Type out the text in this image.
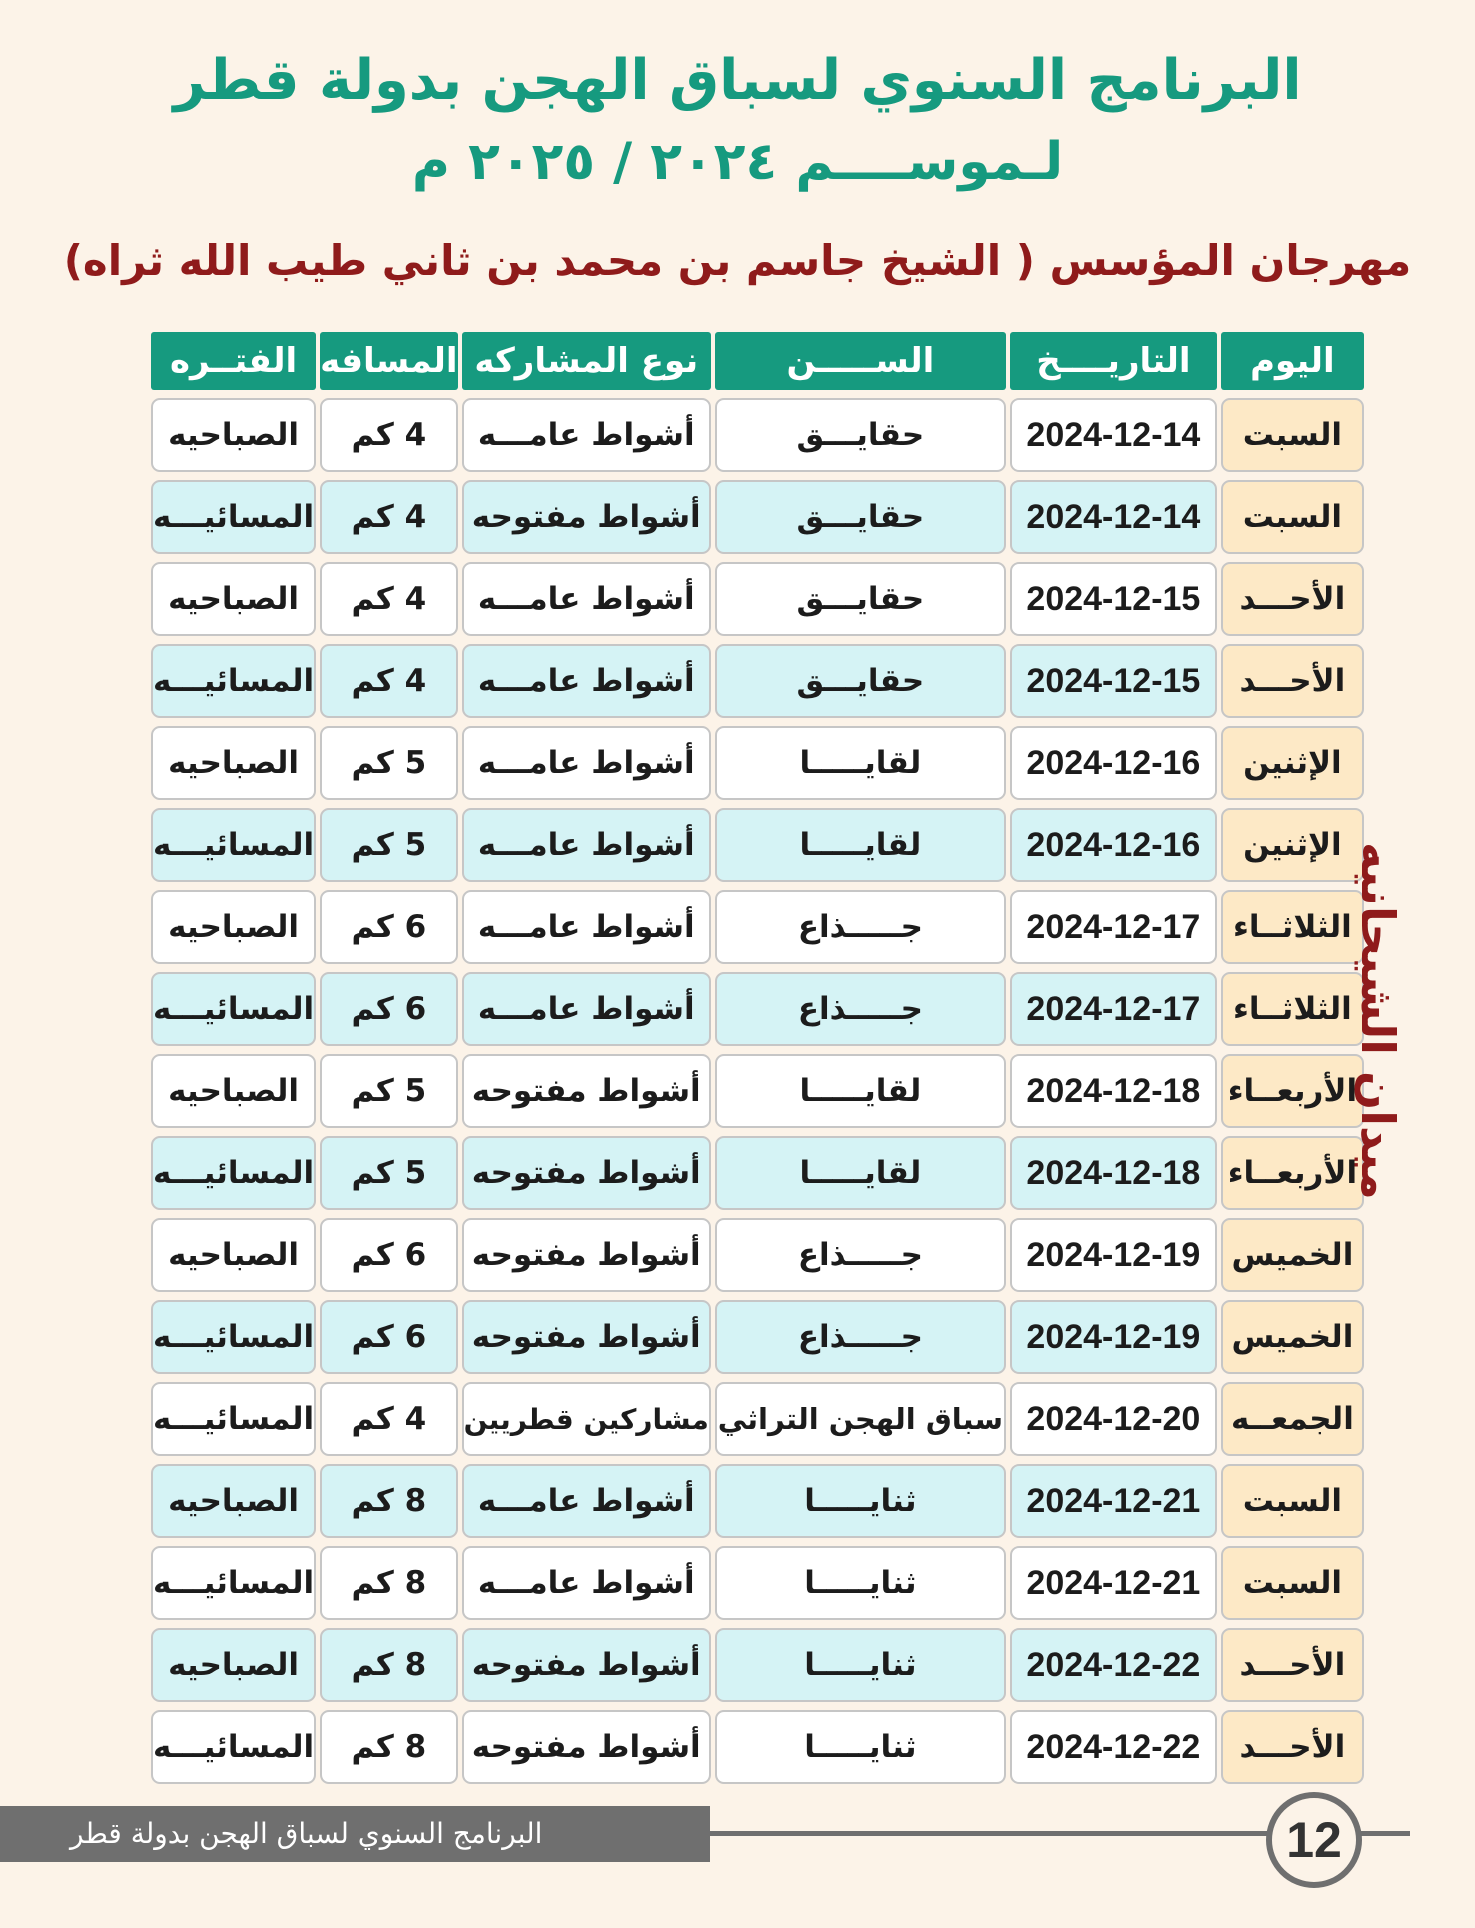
البرنامج السنوي لسباق الهجن بدولة قطر
لـموســــم ٢٠٢٤ / ٢٠٢٥ م
مهرجان المؤسس ( الشيخ جاسم بن محمد بن ثاني طيب الله ثراه)
اليوم	التاريــــخ	الســـــن	نوع المشاركه	المسافه	الفتــره
السبت	2024-12-14	حقايـــق	أشواط عامـــه	4 كم	الصباحيه
السبت	2024-12-14	حقايـــق	أشواط مفتوحه	4 كم	المسائيـــه
الأحـــد	2024-12-15	حقايـــق	أشواط عامـــه	4 كم	الصباحيه
الأحـــد	2024-12-15	حقايـــق	أشواط عامـــه	4 كم	المسائيـــه
الإثنين	2024-12-16	لقايـــــا	أشواط عامـــه	5 كم	الصباحيه
الإثنين	2024-12-16	لقايـــــا	أشواط عامـــه	5 كم	المسائيـــه
الثلاثــاء	2024-12-17	جـــــذاع	أشواط عامـــه	6 كم	الصباحيه
الثلاثــاء	2024-12-17	جـــــذاع	أشواط عامـــه	6 كم	المسائيـــه
الأربعــاء	2024-12-18	لقايـــــا	أشواط مفتوحه	5 كم	الصباحيه
الأربعــاء	2024-12-18	لقايـــــا	أشواط مفتوحه	5 كم	المسائيـــه
الخميس	2024-12-19	جـــــذاع	أشواط مفتوحه	6 كم	الصباحيه
الخميس	2024-12-19	جـــــذاع	أشواط مفتوحه	6 كم	المسائيـــه
الجمعــه	2024-12-20	سباق الهجن التراثي	مشاركين قطريين	4 كم	المسائيـــه
السبت	2024-12-21	ثنايـــــا	أشواط عامـــه	8 كم	الصباحيه
السبت	2024-12-21	ثنايـــــا	أشواط عامـــه	8 كم	المسائيـــه
الأحـــد	2024-12-22	ثنايـــــا	أشواط مفتوحه	8 كم	الصباحيه
الأحـــد	2024-12-22	ثنايـــــا	أشواط مفتوحه	8 كم	المسائيـــه
ميدان الشيحانيه
البرنامج السنوي لسباق الهجن بدولة قطر	12
